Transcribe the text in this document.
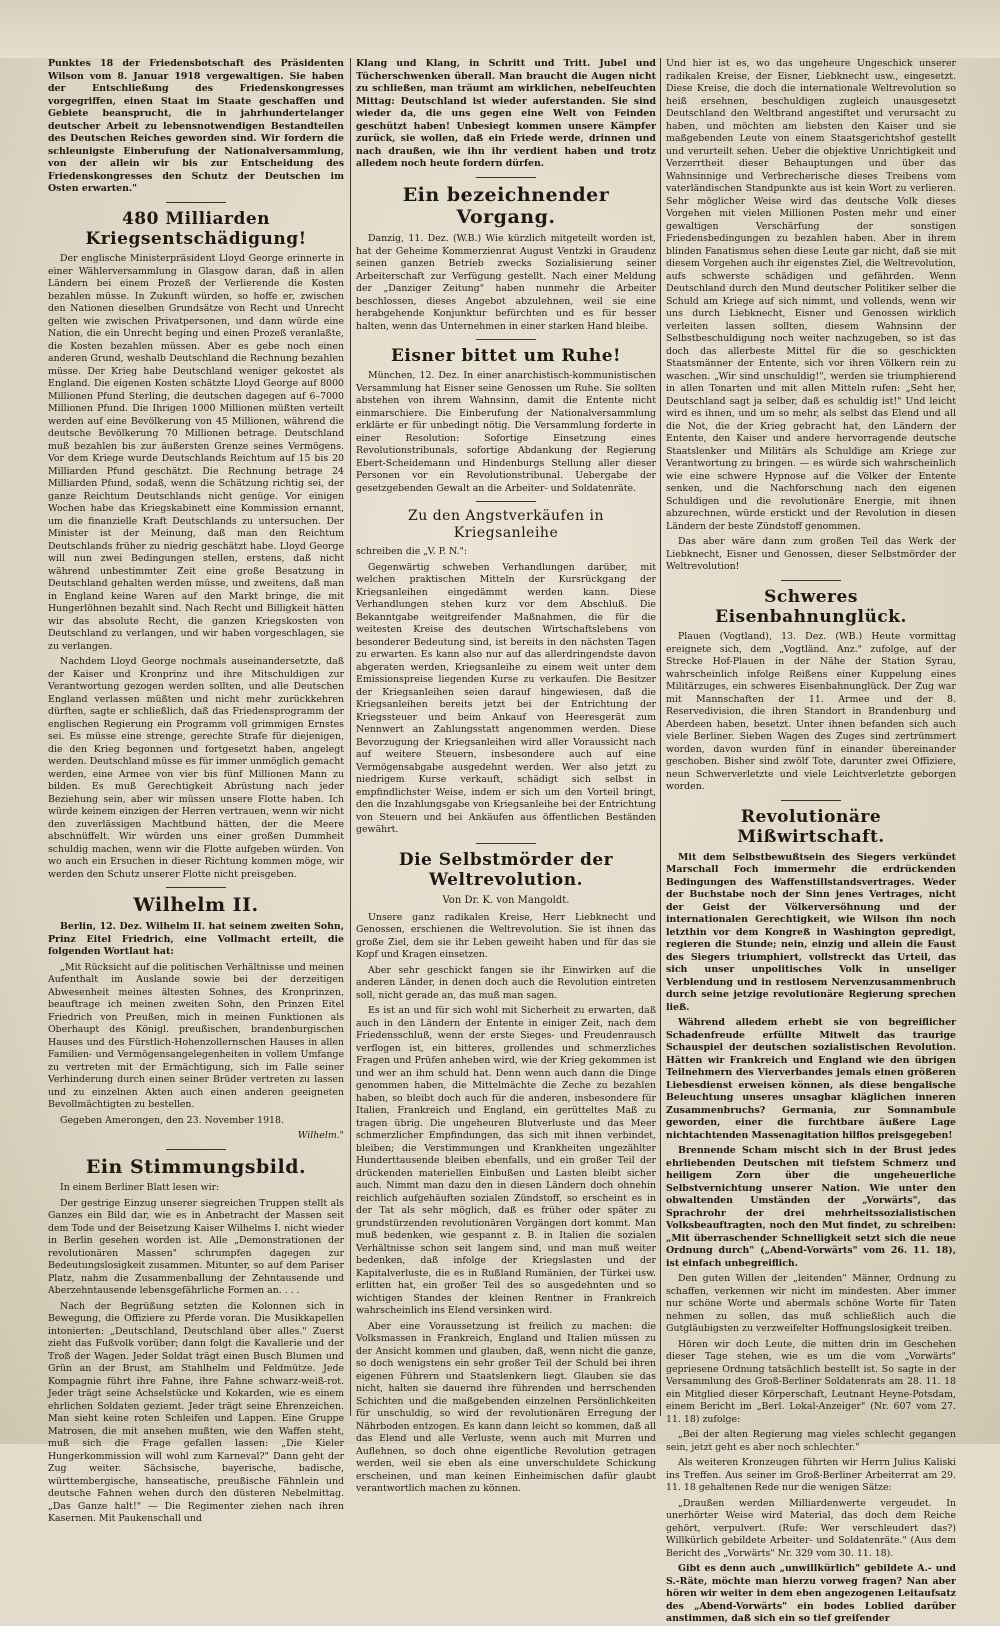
Punktes 18 der Friedensbotschaft des Präsidenten Wilson vom 8. Januar 1918 vergewaltigen. Sie haben der Entschließung des Friedenskongresses vorgegriffen, einen Staat im Staate geschaffen und Gebiete beansprucht, die in jahrhundertelanger deutscher Arbeit zu lebensnotwendigen Bestandteilen des Deutschen Reiches geworden sind. Wir fordern die schleunigste Einberufung der Nationalversammlung, von der allein wir bis zur Entscheidung des Friedenskongresses den Schutz der Deutschen im Osten erwarten."

480 Milliarden Kriegsentschädigung!

Der englische Ministerpräsident Lloyd George erinnerte in einer Wählerversammlung in Glasgow daran, daß in allen Ländern bei einem Prozeß der Verlierende die Kosten bezahlen müsse. In Zukunft würden, so hoffe er, zwischen den Nationen dieselben Grundsätze von Recht und Unrecht gelten wie zwischen Privatpersonen, und dann würde eine Nation, die ein Unrecht beging und einen Prozeß veranlaßte, die Kosten bezahlen müssen. Aber es gebe noch einen anderen Grund, weshalb Deutschland die Rechnung bezahlen müsse. Der Krieg habe Deutschland weniger gekostet als England. Die eigenen Kosten schätzte Lloyd George auf 8000 Millionen Pfund Sterling, die deutschen dagegen auf 6–7000 Millionen Pfund. Die Ihrigen 1000 Millionen müßten verteilt werden auf eine Bevölkerung von 45 Millionen, während die deutsche Bevölkerung 70 Millionen betrage. Deutschland muß bezahlen bis zur äußersten Grenze seines Vermögens. Vor dem Kriege wurde Deutschlands Reichtum auf 15 bis 20 Milliarden Pfund geschätzt. Die Rechnung betrage 24 Milliarden Pfund, sodaß, wenn die Schätzung richtig sei, der ganze Reichtum Deutschlands nicht genüge. Vor einigen Wochen habe das Kriegskabinett eine Kommission ernannt, um die finanzielle Kraft Deutschlands zu untersuchen. Der Minister ist der Meinung, daß man den Reichtum Deutschlands früher zu niedrig geschätzt habe. Lloyd George will nun zwei Bedingungen stellen, erstens, daß nicht während unbestimmter Zeit eine große Besatzung in Deutschland gehalten werden müsse, und zweitens, daß man in England keine Waren auf den Markt bringe, die mit Hungerlöhnen bezahlt sind. Nach Recht und Billigkeit hätten wir das absolute Recht, die ganzen Kriegskosten von Deutschland zu verlangen, und wir haben vorgeschlagen, sie zu verlangen.

Nachdem Lloyd George nochmals auseinandersetzte, daß der Kaiser und Kronprinz und ihre Mitschuldigen zur Verantwortung gezogen werden sollten, und alle Deutschen England verlassen müßten und nicht mehr zurückkehren dürften, sagte er schließlich, daß das Friedensprogramm der englischen Regierung ein Programm voll grimmigen Ernstes sei. Es müsse eine strenge, gerechte Strafe für diejenigen, die den Krieg begonnen und fortgesetzt haben, angelegt werden. Deutschland müsse es für immer unmöglich gemacht werden, eine Armee von vier bis fünf Millionen Mann zu bilden. Es muß Gerechtigkeit Abrüstung nach jeder Beziehung sein, aber wir müssen unsere Flotte haben. Ich würde keinem einzigen der Herren vertrauen, wenn wir nicht den zuverlässigen Machtbund hätten, der die Meere abschnüffelt. Wir würden uns einer großen Dummheit schuldig machen, wenn wir die Flotte aufgeben würden. Von wo auch ein Ersuchen in dieser Richtung kommen möge, wir werden den Schutz unserer Flotte nicht preisgeben.

Wilhelm II.

Berlin, 12. Dez. Wilhelm II. hat seinem zweiten Sohn, Prinz Eitel Friedrich, eine Vollmacht erteilt, die folgenden Wortlaut hat:

„Mit Rücksicht auf die politischen Verhältnisse und meinen Aufenthalt im Auslande sowie bei der derzeitigen Abwesenheit meines ältesten Sohnes, des Kronprinzen, beauftrage ich meinen zweiten Sohn, den Prinzen Eitel Friedrich von Preußen, mich in meinen Funktionen als Oberhaupt des Königl. preußischen, brandenburgischen Hauses und des Fürstlich-Hohenzollernschen Hauses in allen Familien- und Vermögensangelegenheiten in vollem Umfange zu vertreten mit der Ermächtigung, sich im Falle seiner Verhinderung durch einen seiner Brüder vertreten zu lassen und zu einzelnen Akten auch einen anderen geeigneten Bevollmächtigten zu bestellen.

Gegeben Amerongen, den 23. November 1918.

Wilhelm."

Ein Stimmungsbild.

In einem Berliner Blatt lesen wir:

Der gestrige Einzug unserer siegreichen Truppen stellt als Ganzes ein Bild dar, wie es in Anbetracht der Massen seit dem Tode und der Beisetzung Kaiser Wilhelms I. nicht wieder in Berlin gesehen worden ist. Alle „Demonstrationen der revolutionären Massen" schrumpfen dagegen zur Bedeutungslosigkeit zusammen. Mitunter, so auf dem Pariser Platz, nahm die Zusammenballung der Zehntausende und Aberzehntausende lebensgefährliche Formen an. . . .

Nach der Begrüßung setzten die Kolonnen sich in Bewegung, die Offiziere zu Pferde voran. Die Musikkapellen intonierten: „Deutschland, Deutschland über alles." Zuerst zieht das Fußvolk vorüber; dann folgt die Kavallerie und der Troß der Wagen. Jeder Soldat trägt einen Busch Blumen und Grün an der Brust, am Stahlhelm und Feldmütze. Jede Kompagnie führt ihre Fahne, ihre Fahne schwarz-weiß-rot. Jeder trägt seine Achselstücke und Kokarden, wie es einem ehrlichen Soldaten geziemt. Jeder trägt seine Ehrenzeichen. Man sieht keine roten Schleifen und Lappen. Eine Gruppe Matrosen, die mit ansehen mußten, wie den Waffen steht, muß sich die Frage gefallen lassen: „Die Kieler Hungerkommission will wohl zum Karneval?" Dann geht der Zug weiter. Sächsische, bayerische, badische, württembergische, hanseatische, preußische Fähnlein und deutsche Fahnen wehen durch den düsteren Nebelmittag. „Das Ganze halt!" — Die Regimenter ziehen nach ihren Kasernen. Mit Paukenschall und

Klang und Klang, in Schritt und Tritt. Jubel und Tücherschwenken überall. Man braucht die Augen nicht zu schließen, man träumt am wirklichen, nebelfeuchten Mittag: Deutschland ist wieder auferstanden. Sie sind wieder da, die uns gegen eine Welt von Feinden geschützt haben! Unbesiegt kommen unsere Kämpfer zurück, sie wollen, daß ein Friede werde, drinnen und nach draußen, wie ihn ihr verdient haben und trotz alledem noch heute fordern dürfen.

Ein bezeichnender Vorgang.

Danzig, 11. Dez. (W.B.) Wie kürzlich mitgeteilt worden ist, hat der Geheime Kommerzienrat August Ventzki in Graudenz seinen ganzen Betrieb zwecks Sozialisierung seiner Arbeiterschaft zur Verfügung gestellt. Nach einer Meldung der „Danziger Zeitung" haben nunmehr die Arbeiter beschlossen, dieses Angebot abzulehnen, weil sie eine herabgehende Konjunktur befürchten und es für besser halten, wenn das Unternehmen in einer starken Hand bleibe.

Eisner bittet um Ruhe!

München, 12. Dez. In einer anarchistisch-kommunistischen Versammlung hat Eisner seine Genossen um Ruhe. Sie sollten abstehen von ihrem Wahnsinn, damit die Entente nicht einmarschiere. Die Einberufung der Nationalversammlung erklärte er für unbedingt nötig. Die Versammlung forderte in einer Resolution: Sofortige Einsetzung eines Revolutionstribunals, sofortige Abdankung der Regierung Ebert-Scheidemann und Hindenburgs Stellung aller dieser Personen vor ein Revolutionstribunal. Uebergabe der gesetzgebenden Gewalt an die Arbeiter- und Soldatenräte.

Zu den Angstverkäufen in Kriegsanleihe

schreiben die „V. P. N.":

Gegenwärtig schweben Verhandlungen darüber, mit welchen praktischen Mitteln der Kursrückgang der Kriegsanleihen eingedämmt werden kann. Diese Verhandlungen stehen kurz vor dem Abschluß. Die Bekanntgabe weitgreifender Maßnahmen, die für die weitesten Kreise des deutschen Wirtschaftslebens von besonderer Bedeutung sind, ist bereits in den nächsten Tagen zu erwarten. Es kann also nur auf das allerdringendste davon abgeraten werden, Kriegsanleihe zu einem weit unter dem Emissionspreise liegenden Kurse zu verkaufen. Die Besitzer der Kriegsanleihen seien darauf hingewiesen, daß die Kriegsanleihen bereits jetzt bei der Entrichtung der Kriegssteuer und beim Ankauf von Heeresgerät zum Nennwert an Zahlungsstatt angenommen werden. Diese Bevorzugung der Kriegsanleihen wird aller Voraussicht nach auf weitere Steuern, insbesondere auch auf eine Vermögensabgabe ausgedehnt werden. Wer also jetzt zu niedrigem Kurse verkauft, schädigt sich selbst in empfindlichster Weise, indem er sich um den Vorteil bringt, den die Inzahlungsgabe von Kriegsanleihe bei der Entrichtung von Steuern und bei Ankäufen aus öffentlichen Beständen gewährt.

Die Selbstmörder der Weltrevolution.
Von Dr. K. von Mangoldt.

Unsere ganz radikalen Kreise, Herr Liebknecht und Genossen, erschienen die Weltrevolution. Sie ist ihnen das große Ziel, dem sie ihr Leben geweiht haben und für das sie Kopf und Kragen einsetzen.

Aber sehr geschickt fangen sie ihr Einwirken auf die anderen Länder, in denen doch auch die Revolution eintreten soll, nicht gerade an, das muß man sagen.

Es ist an und für sich wohl mit Sicherheit zu erwarten, daß auch in den Ländern der Entente in einiger Zeit, nach dem Friedensschluß, wenn der erste Sieges- und Freudenrausch verflogen ist, ein bitteres, grollendes und schmerzliches Fragen und Prüfen anheben wird, wie der Krieg gekommen ist und wer an ihm schuld hat. Denn wenn auch dann die Dinge genommen haben, die Mittelmächte die Zeche zu bezahlen haben, so bleibt doch auch für die anderen, insbesondere für Italien, Frankreich und England, ein gerütteltes Maß zu tragen übrig. Die ungeheuren Blutverluste und das Meer schmerzlicher Empfindungen, das sich mit ihnen verbindet, bleiben; die Verstimmungen und Krankheiten ungezählter Hunderttausende bleiben ebenfalls, und ein großer Teil der drückenden materiellen Einbußen und Lasten bleibt sicher auch. Nimmt man dazu den in diesen Ländern doch ohnehin reichlich aufgehäuften sozialen Zündstoff, so erscheint es in der Tat als sehr möglich, daß es früher oder später zu grundstürzenden revolutionären Vorgängen dort kommt. Man muß bedenken, wie gespannt z. B. in Italien die sozialen Verhältnisse schon seit langem sind, und man muß weiter bedenken, daß infolge der Kriegslasten und der Kapitalverluste, die es in Rußland Rumänien, der Türkei usw. erlitten hat, ein großer Teil des so ausgedehnten und so wichtigen Standes der kleinen Rentner in Frankreich wahrscheinlich ins Elend versinken wird.

Aber eine Voraussetzung ist freilich zu machen: die Volksmassen in Frankreich, England und Italien müssen zu der Ansicht kommen und glauben, daß, wenn nicht die ganze, so doch wenigstens ein sehr großer Teil der Schuld bei ihren eigenen Führern und Staatslenkern liegt. Glauben sie das nicht, halten sie dauernd ihre führenden und herrschenden Schichten und die maßgebenden einzelnen Persönlichkeiten für unschuldig, so wird der revolutionären Erregung der Nährboden entzogen. Es kann dann leicht so kommen, daß all das Elend und alle Verluste, wenn auch mit Murren und Auflehnen, so doch ohne eigentliche Revolution getragen werden, weil sie eben als eine unverschuldete Schickung erscheinen, und man keinen Einheimischen dafür glaubt verantwortlich machen zu können.

Und hier ist es, wo das ungeheure Ungeschick unserer radikalen Kreise, der Eisner, Liebknecht usw., eingesetzt. Diese Kreise, die doch die internationale Weltrevolution so heiß ersehnen, beschuldigen zugleich unausgesetzt Deutschland den Weltbrand angestiftet und verursacht zu haben, und möchten am liebsten den Kaiser und sie maßgebenden Leute von einem Staatsgerichtshof gestellt und verurteilt sehen. Ueber die objektive Unrichtigkeit und Verzerrtheit dieser Behauptungen und über das Wahnsinnige und Verbrecherische dieses Treibens vom vaterländischen Standpunkte aus ist kein Wort zu verlieren. Sehr möglicher Weise wird das deutsche Volk dieses Vorgehen mit vielen Millionen Posten mehr und einer gewaltigen Verschärfung der sonstigen Friedensbedingungen zu bezahlen haben. Aber in ihrem blinden Fanatismus sehen diese Leute gar nicht, daß sie mit diesem Vorgehen auch ihr eigenstes Ziel, die Weltrevolution, aufs schwerste schädigen und gefährden. Wenn Deutschland durch den Mund deutscher Politiker selber die Schuld am Kriege auf sich nimmt, und vollends, wenn wir uns durch Liebknecht, Eisner und Genossen wirklich verleiten lassen sollten, diesem Wahnsinn der Selbstbeschuldigung noch weiter nachzugeben, so ist das doch das allerbeste Mittel für die so geschickten Staatsmänner der Entente, sich vor ihren Völkern rein zu waschen. „Wir sind unschuldig!", werden sie triumphierend in allen Tonarten und mit allen Mitteln rufen: „Seht her, Deutschland sagt ja selber, daß es schuldig ist!" Und leicht wird es ihnen, und um so mehr, als selbst das Elend und all die Not, die der Krieg gebracht hat, den Ländern der Entente, den Kaiser und andere hervorragende deutsche Staatslenker und Militärs als Schuldige am Kriege zur Verantwortung zu bringen. — es würde sich wahrscheinlich wie eine schwere Hypnose auf die Völker der Entente senken, und die Nachforschung nach den eigenen Schuldigen und die revolutionäre Energie, mit ihnen abzurechnen, würde erstickt und der Revolution in diesen Ländern der beste Zündstoff genommen.

Das aber wäre dann zum großen Teil das Werk der Liebknecht, Eisner und Genossen, dieser Selbstmörder der Weltrevolution!

Schweres Eisenbahnunglück.

Plauen (Vogtland), 13. Dez. (WB.) Heute vormittag ereignete sich, dem „Vogtländ. Anz." zufolge, auf der Strecke Hof-Plauen in der Nähe der Station Syrau, wahrscheinlich infolge Reißens einer Kuppelung eines Militärzuges, ein schweres Eisenbahnunglück. Der Zug war mit Mannschaften der 11. Armee und der 8. Reservedivision, die ihren Standort in Brandenburg und Aberdeen haben, besetzt. Unter ihnen befanden sich auch viele Berliner. Sieben Wagen des Zuges sind zertrümmert worden, davon wurden fünf in einander übereinander geschoben. Bisher sind zwölf Tote, darunter zwei Offiziere, neun Schwerverletzte und viele Leichtverletzte geborgen worden.

Revolutionäre Mißwirtschaft.

Mit dem Selbstbewußtsein des Siegers verkündet Marschall Foch immermehr die erdrückenden Bedingungen des Waffenstillstandsvertrages. Weder der Buchstabe noch der Sinn jenes Vertrages, nicht der Geist der Völkerversöhnung und der internationalen Gerechtigkeit, wie Wilson ihn noch letzthin vor dem Kongreß in Washington gepredigt, regieren die Stunde; nein, einzig und allein die Faust des Siegers triumphiert, vollstreckt das Urteil, das sich unser unpolitisches Volk in unseliger Verblendung und in restlosem Nervenzusammenbruch durch seine jetzige revolutionäre Regierung sprechen ließ.

Während alledem erhebt sie von begreiflicher Schadenfreude erfüllte Mitwelt das traurige Schauspiel der deutschen sozialistischen Revolution. Hätten wir Frankreich und England wie den übrigen Teilnehmern des Vierverbandes jemals einen größeren Liebesdienst erweisen können, als diese bengalische Beleuchtung unseres unsagbar kläglichen inneren Zusammenbruchs? Germania, zur Somnambule geworden, einer die furchtbare äußere Lage nichtachtenden Massenagitation hilflos preisgegeben!

Brennende Scham mischt sich in der Brust jedes ehrliebenden Deutschen mit tiefstem Schmerz und heiligem Zorn über die ungeheuerliche Selbstvernichtung unserer Nation. Wie unter den obwaltenden Umständen der „Vorwärts", das Sprachrohr der drei mehrheitssozialistischen Volksbeauftragten, noch den Mut findet, zu schreiben: „Mit überraschender Schnelligkeit setzt sich die neue Ordnung durch" („Abend-Vorwärts" vom 26. 11. 18), ist einfach unbegreiflich.

Den guten Willen der „leitenden" Männer, Ordnung zu schaffen, verkennen wir nicht im mindesten. Aber immer nur schöne Worte und abermals schöne Worte für Taten nehmen zu sollen, das muß schließlich auch die Gutgläubigsten zu verzweifelter Hoffnungslosigkeit treiben.

Hören wir doch Leute, die mitten drin im Geschehen dieser Tage stehen, wie es um die vom „Vorwärts" gepriesene Ordnung tatsächlich bestellt ist. So sagte in der Versammlung des Groß-Berliner Soldatenrats am 28. 11. 18 ein Mitglied dieser Körperschaft, Leutnant Heyne-Potsdam, einem Bericht im „Berl. Lokal-Anzeiger" (Nr. 607 vom 27. 11. 18) zufolge:

„Bei der alten Regierung mag vieles schlecht gegangen sein, jetzt geht es aber noch schlechter."

Als weiteren Kronzeugen führten wir Herrn Julius Kaliski ins Treffen. Aus seiner im Groß-Berliner Arbeiterrat am 29. 11. 18 gehaltenen Rede nur die wenigen Sätze:

„Draußen werden Milliardenwerte vergeudet. In unerhörter Weise wird Material, das doch dem Reiche gehört, verpulvert. (Rufe: Wer verschleudert das?) Willkürlich gebildete Arbeiter- und Soldatenräte." (Aus dem Bericht des „Vorwärts" Nr. 329 vom 30. 11. 18).

Gibt es denn auch „unwillkürlich" gebildete A.- und S.-Räte, möchte man hierzu vorweg fragen? Nan aber hören wir weiter in dem eben angezogenen Leitaufsatz des „Abend-Vorwärts" ein bodes Loblied darüber anstimmen, daß sich ein so tief greifender
